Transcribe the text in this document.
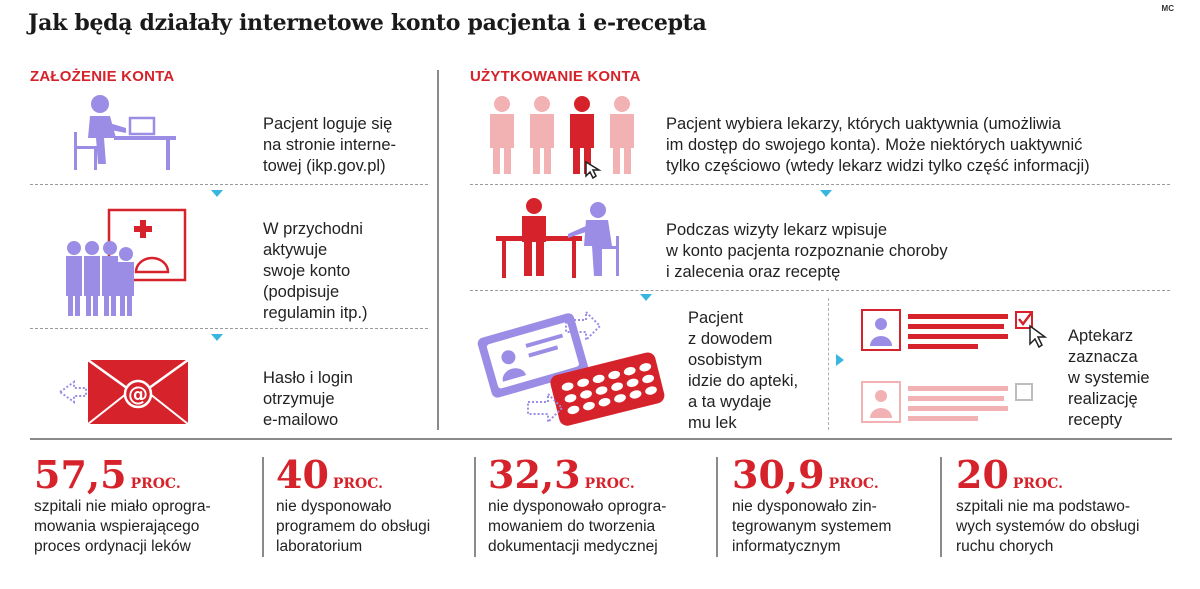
Jak będą działały internetowe konto pacjenta i e-recepta
MC
ZAŁOŻENIE KONTA
Pacjent loguje się
na stronie interne-
towej (ikp.gov.pl)
W przychodni
aktywuje
swoje konto
(podpisuje
regulamin itp.)
@
Hasło i login
otrzymuje
e-mailowo
UŻYTKOWANIE KONTA
Pacjent wybiera lekarzy, których uaktywnia (umożliwia
im dostęp do swojego konta). Może niektórych uaktywnić
tylko częściowo (wtedy lekarz widzi tylko część informacji)
Podczas wizyty lekarz wpisuje
w konto pacjenta rozpoznanie choroby
i zalecenia oraz receptę
Pacjent
z dowodem
osobistym
idzie do apteki,
a ta wydaje
mu lek
Aptekarz
zaznacza
w systemie
realizację
recepty
57,5 PROC.
szpitali nie miało oprogra-
mowania wspierającego
proces ordynacji leków
40 PROC.
nie dysponowało
programem do obsługi
laboratorium
32,3 PROC.
nie dysponowało oprogra-
mowaniem do tworzenia
dokumentacji medycznej
30,9 PROC.
nie dysponowało zin-
tegrowanym systemem
informatycznym
20 PROC.
szpitali nie ma podstawo-
wych systemów do obsługi
ruchu chorych
